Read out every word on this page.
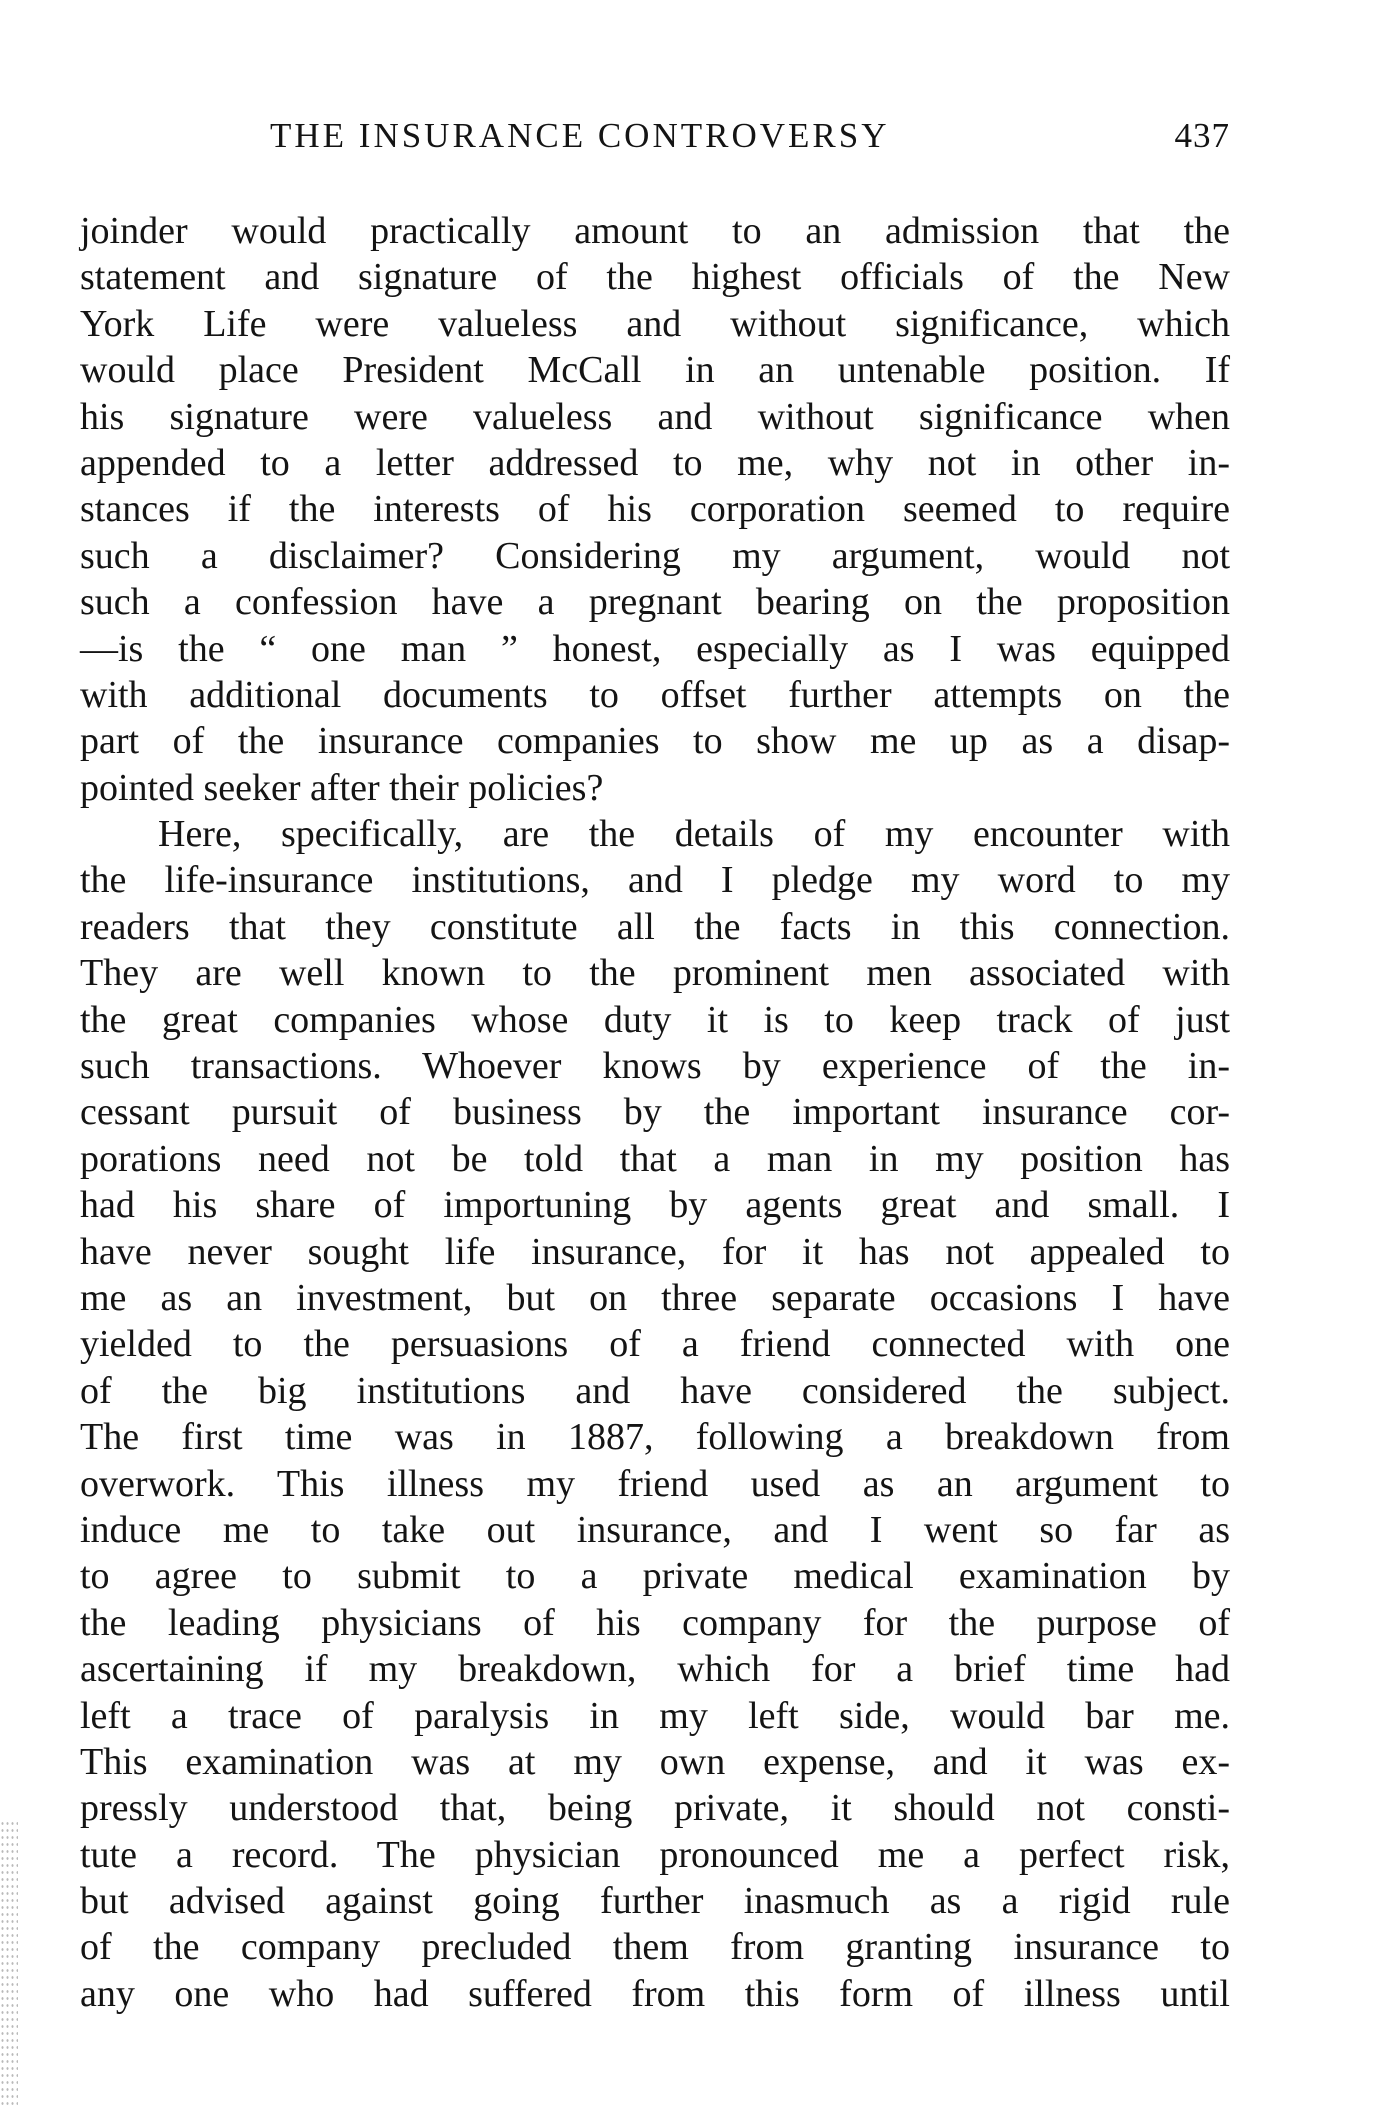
THE INSURANCE CONTROVERSY	437
joinder would practically amount to an admission that the
statement and signature of the highest officials of the New
York Life were valueless and without significance, which
would place President McCall in an untenable position. If
his signature were valueless and without significance when
appended to a letter addressed to me, why not in other in-
stances if the interests of his corporation seemed to require
such a disclaimer? Considering my argument, would not
such a confession have a pregnant bearing on the proposition
—is the “ one man ” honest, especially as I was equipped
with additional documents to offset further attempts on the
part of the insurance companies to show me up as a disap-
pointed seeker after their policies?
Here, specifically, are the details of my encounter with
the life-insurance institutions, and I pledge my word to my
readers that they constitute all the facts in this connection.
They are well known to the prominent men associated with
the great companies whose duty it is to keep track of just
such transactions. Whoever knows by experience of the in-
cessant pursuit of business by the important insurance cor-
porations need not be told that a man in my position has
had his share of importuning by agents great and small. I
have never sought life insurance, for it has not appealed to
me as an investment, but on three separate occasions I have
yielded to the persuasions of a friend connected with one
of the big institutions and have considered the subject.
The first time was in 1887, following a breakdown from
overwork. This illness my friend used as an argument to
induce me to take out insurance, and I went so far as
to agree to submit to a private medical examination by
the leading physicians of his company for the purpose of
ascertaining if my breakdown, which for a brief time had
left a trace of paralysis in my left side, would bar me.
This examination was at my own expense, and it was ex-
pressly understood that, being private, it should not consti-
tute a record. The physician pronounced me a perfect risk,
but advised against going further inasmuch as a rigid rule
of the company precluded them from granting insurance to
any one who had suffered from this form of illness until
